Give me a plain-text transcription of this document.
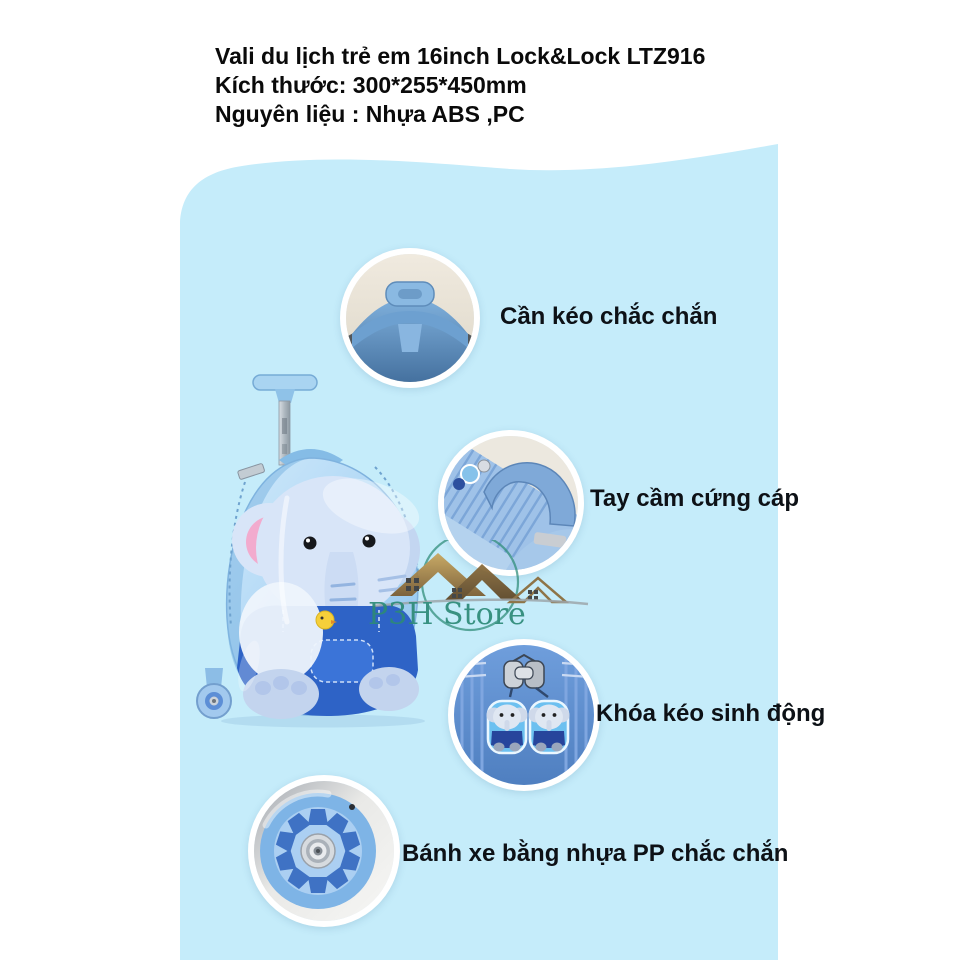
Vali du lịch trẻ em 16inch Lock&Lock LTZ916
Kích thước: 300*255*450mm
Nguyên liệu : Nhựa ABS ,PC
Cần kéo chắc chắn
Tay cầm cứng cáp
Khóa kéo sinh động
Bánh xe bằng nhựa PP chắc chắn
P3H Store
